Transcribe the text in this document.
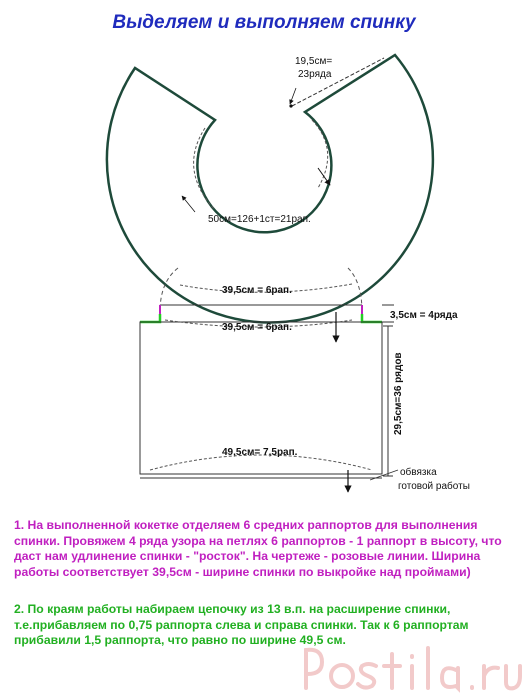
Выделяем и выполняем спинку
19,5см=
23ряда
50см=126+1ст=21рап.
39,5см = 6рап.
39,5см = 6рап.
3,5см = 4ряда
29,5см=36 рядов
49,5см= 7,5рап.
обвязка
готовой работы
1. На выполненной кокетке отделяем 6 средних раппортов для выполнения спинки. Провяжем 4 ряда узора на петлях 6 раппортов - 1 раппорт в высоту, что даст нам удлинение спинки - "росток". На чертеже - розовые линии. Ширина работы соответствует 39,5см - ширине спинки по выкройке над проймами)
2. По краям работы набираем цепочку из 13 в.п. на расширение спинки, т.е.прибавляем по 0,75 раппорта слева и справа спинки. Так к 6 раппортам прибавили 1,5 раппорта, что равно по ширине 49,5 см.
